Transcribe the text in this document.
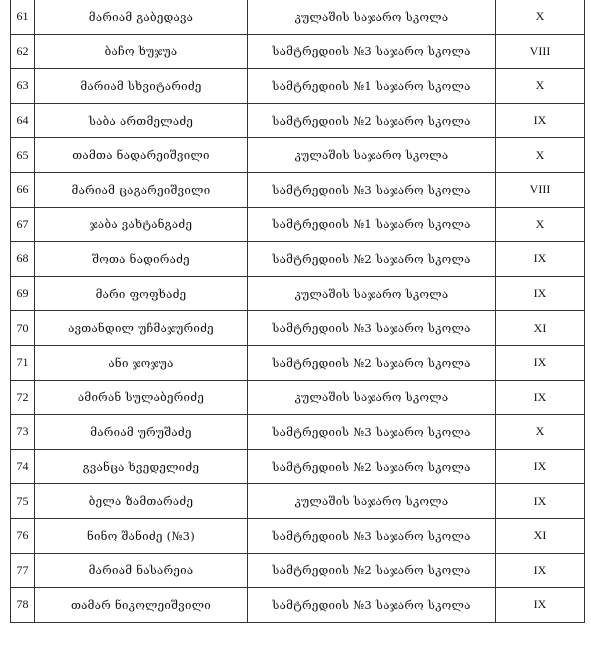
61	მარიამ გაბედავა	კულაშის საჯარო სკოლა	X
62	ბაჩო ხუჯუა	სამტრედიის №3 საჯარო სკოლა	VIII
63	მარიამ სხვიტარიძე	სამტრედიის №1 საჯარო სკოლა	X
64	საბა ართმელაძე	სამტრედიის №2 საჯარო სკოლა	IX
65	თამთა ნადარეიშვილი	კულაშის საჯარო სკოლა	X
66	მარიამ ცაგარეიშვილი	სამტრედიის №3 საჯარო სკოლა	VIII
67	ჯაბა ვახტანგაძე	სამტრედიის №1 საჯარო სკოლა	X
68	შოთა ნადირაძე	სამტრედიის №2 საჯარო სკოლა	IX
69	მარი ფოფხაძე	კულაშის საჯარო სკოლა	IX
70	ავთანდილ უჩმაჯურიძე	სამტრედიის №3 საჯარო სკოლა	XI
71	ანი ჯოჯუა	სამტრედიის №2 საჯარო სკოლა	IX
72	ამირან სულაბერიძე	კულაშის საჯარო სკოლა	IX
73	მარიამ ურუშაძე	სამტრედიის №3 საჯარო სკოლა	X
74	გვანცა ხვედელიძე	სამტრედიის №2 საჯარო სკოლა	IX
75	ბელა ზამთარაძე	კულაშის საჯარო სკოლა	IX
76	ნინო შანიძე (№3)	სამტრედიის №3 საჯარო სკოლა	XI
77	მარიამ ნასარეია	სამტრედიის №2 საჯარო სკოლა	IX
78	თამარ ნიკოლეიშვილი	სამტრედიის №3 საჯარო სკოლა	IX
